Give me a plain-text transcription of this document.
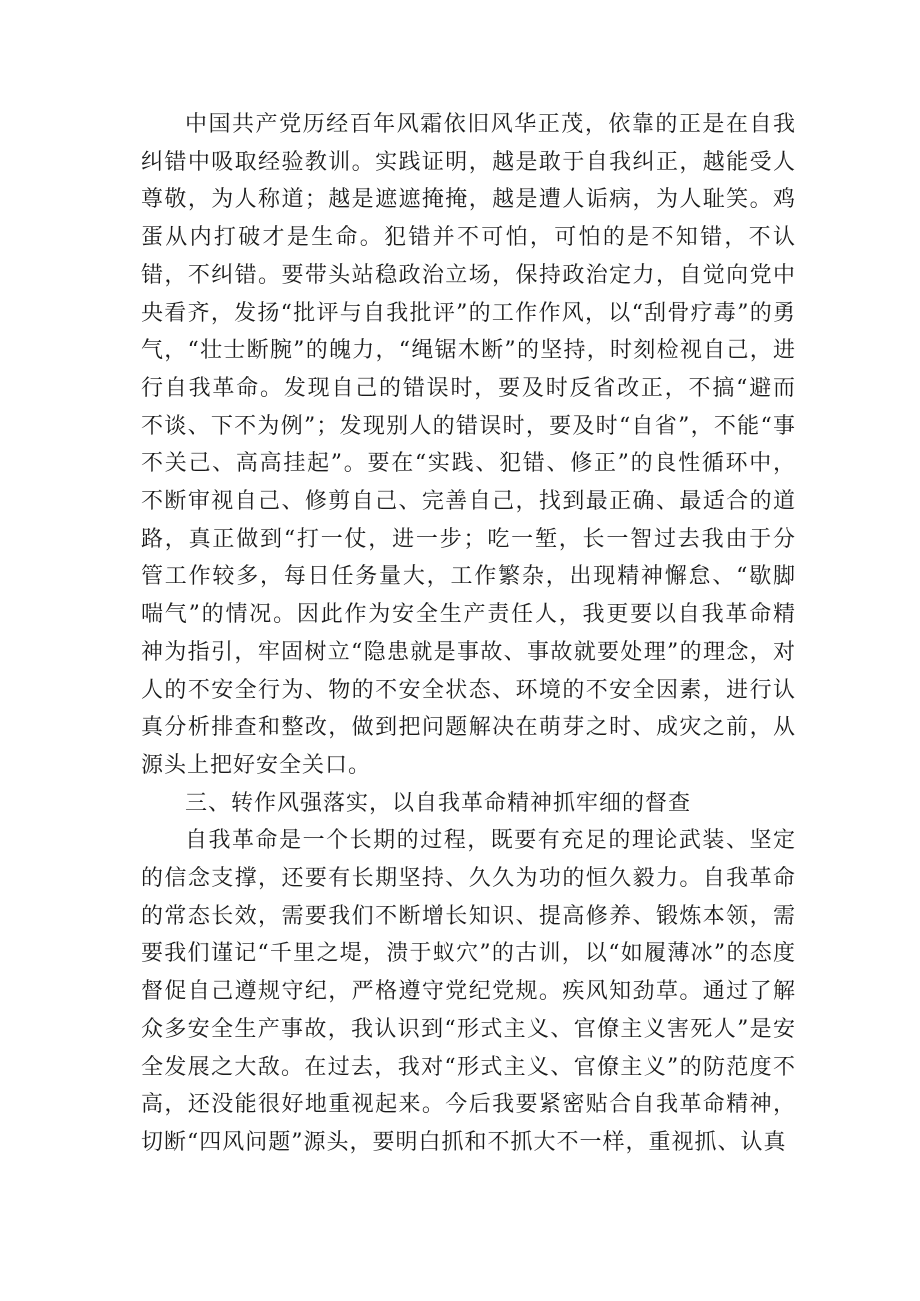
中国共产党历经百年风霜依旧风华正茂，依靠的正是在自我纠错中吸取经验教训。实践证明，越是敢于自我纠正，越能受人尊敬，为人称道；越是遮遮掩掩，越是遭人诟病，为人耻笑。鸡蛋从内打破才是生命。犯错并不可怕，可怕的是不知错，不认错，不纠错。要带头站稳政治立场，保持政治定力，自觉向党中央看齐，发扬“批评与自我批评”的工作作风，以“刮骨疗毒”的勇气，“壮士断腕”的魄力，“绳锯木断”的坚持，时刻检视自己，进行自我革命。发现自己的错误时，要及时反省改正，不搞“避而不谈、下不为例”；发现别人的错误时，要及时“自省”，不能“事不关己、高高挂起”。要在“实践、犯错、修正”的良性循环中，不断审视自己、修剪自己、完善自己，找到最正确、最适合的道路，真正做到“打一仗，进一步；吃一堑，长一智过去我由于分管工作较多，每日任务量大，工作繁杂，出现精神懈怠、“歇脚喘气”的情况。因此作为安全生产责任人，我更要以自我革命精神为指引，牢固树立“隐患就是事故、事故就要处理”的理念，对人的不安全行为、物的不安全状态、环境的不安全因素，进行认真分析排查和整改，做到把问题解决在萌芽之时、成灾之前，从源头上把好安全关口。

三、转作风强落实，以自我革命精神抓牢细的督查

自我革命是一个长期的过程，既要有充足的理论武装、坚定的信念支撑，还要有长期坚持、久久为功的恒久毅力。自我革命的常态长效，需要我们不断增长知识、提高修养、锻炼本领，需要我们谨记“千里之堤，溃于蚁穴”的古训，以“如履薄冰”的态度督促自己遵规守纪，严格遵守党纪党规。疾风知劲草。通过了解众多安全生产事故，我认识到“形式主义、官僚主义害死人”是安全发展之大敌。在过去，我对“形式主义、官僚主义”的防范度不高，还没能很好地重视起来。今后我要紧密贴合自我革命精神，切断“四风问题”源头，要明白抓和不抓大不一样，重视抓、认真
